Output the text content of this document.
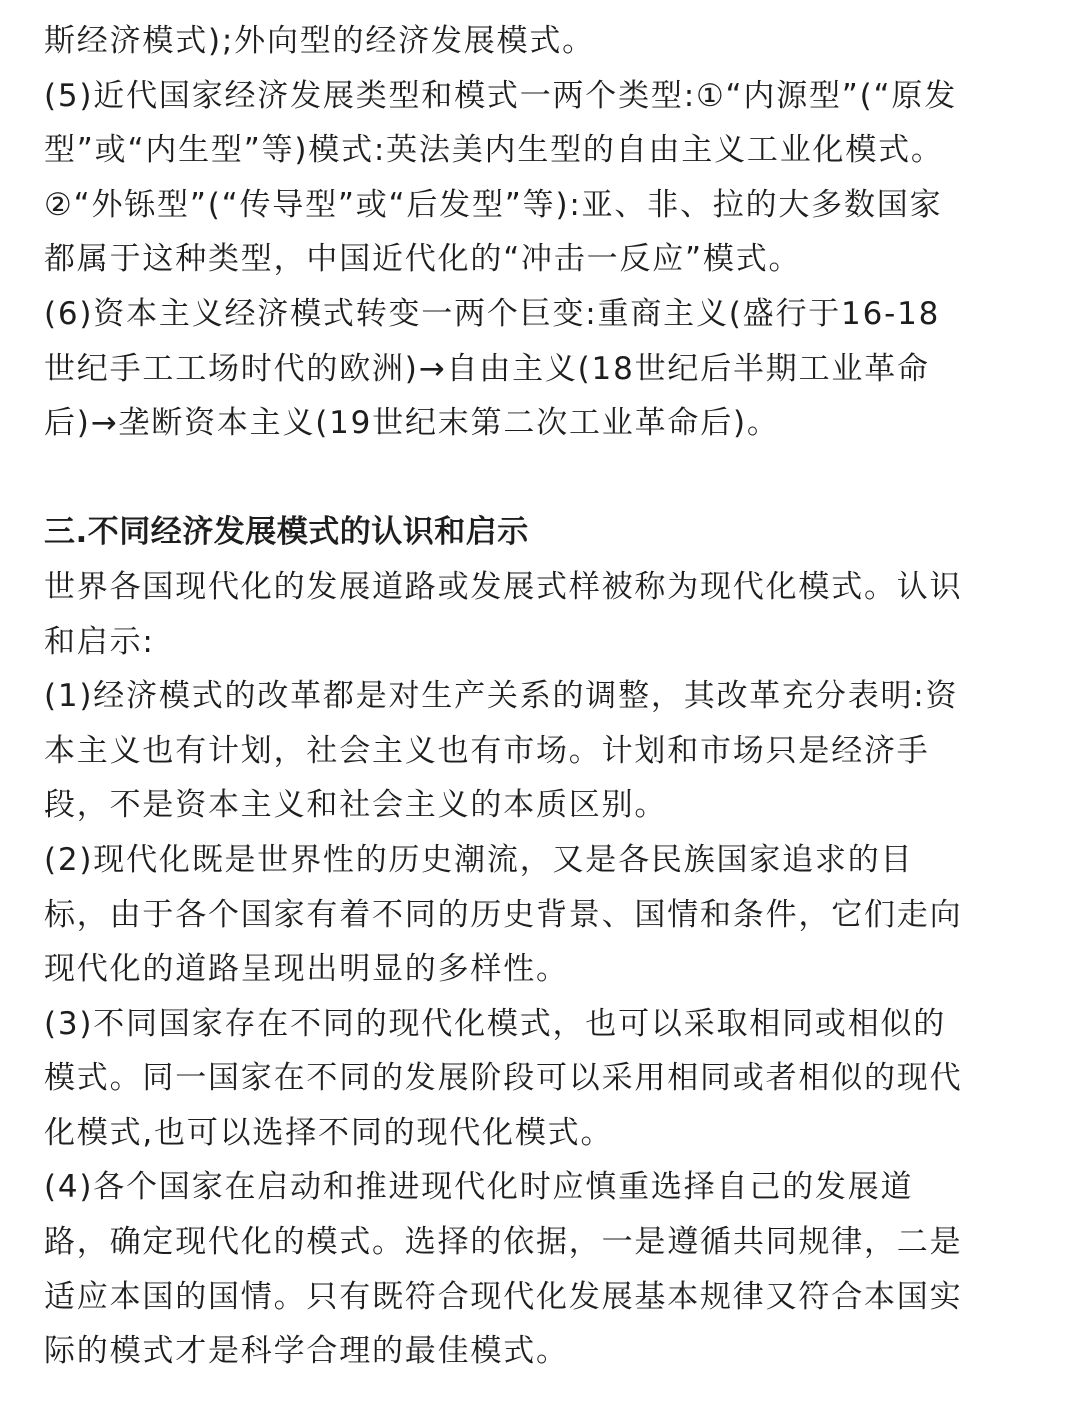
斯经济模式);外向型的经济发展模式。
(5)近代国家经济发展类型和模式一两个类型:①“内源型”(“原发
型”或“内生型”等)模式:英法美内生型的自由主义工业化模式。
②“外铄型”(“传导型”或“后发型”等):亚、非、拉的大多数国家
都属于这种类型，中国近代化的“冲击一反应”模式。
(6)资本主义经济模式转变一两个巨变:重商主义(盛行于16-18
世纪手工工场时代的欧洲)→自由主义(18世纪后半期工业革命
后)→垄断资本主义(19世纪末第二次工业革命后)。
三.不同经济发展模式的认识和启示
世界各国现代化的发展道路或发展式样被称为现代化模式。认识
和启示:
(1)经济模式的改革都是对生产关系的调整，其改革充分表明:资
本主义也有计划，社会主义也有市场。计划和市场只是经济手
段，不是资本主义和社会主义的本质区别。
(2)现代化既是世界性的历史潮流，又是各民族国家追求的目
标，由于各个国家有着不同的历史背景、国情和条件，它们走向
现代化的道路呈现出明显的多样性。
(3)不同国家存在不同的现代化模式，也可以采取相同或相似的
模式。同一国家在不同的发展阶段可以采用相同或者相似的现代
化模式,也可以选择不同的现代化模式。
(4)各个国家在启动和推进现代化时应慎重选择自己的发展道
路，确定现代化的模式。选择的依据，一是遵循共同规律，二是
适应本国的国情。只有既符合现代化发展基本规律又符合本国实
际的模式才是科学合理的最佳模式。
